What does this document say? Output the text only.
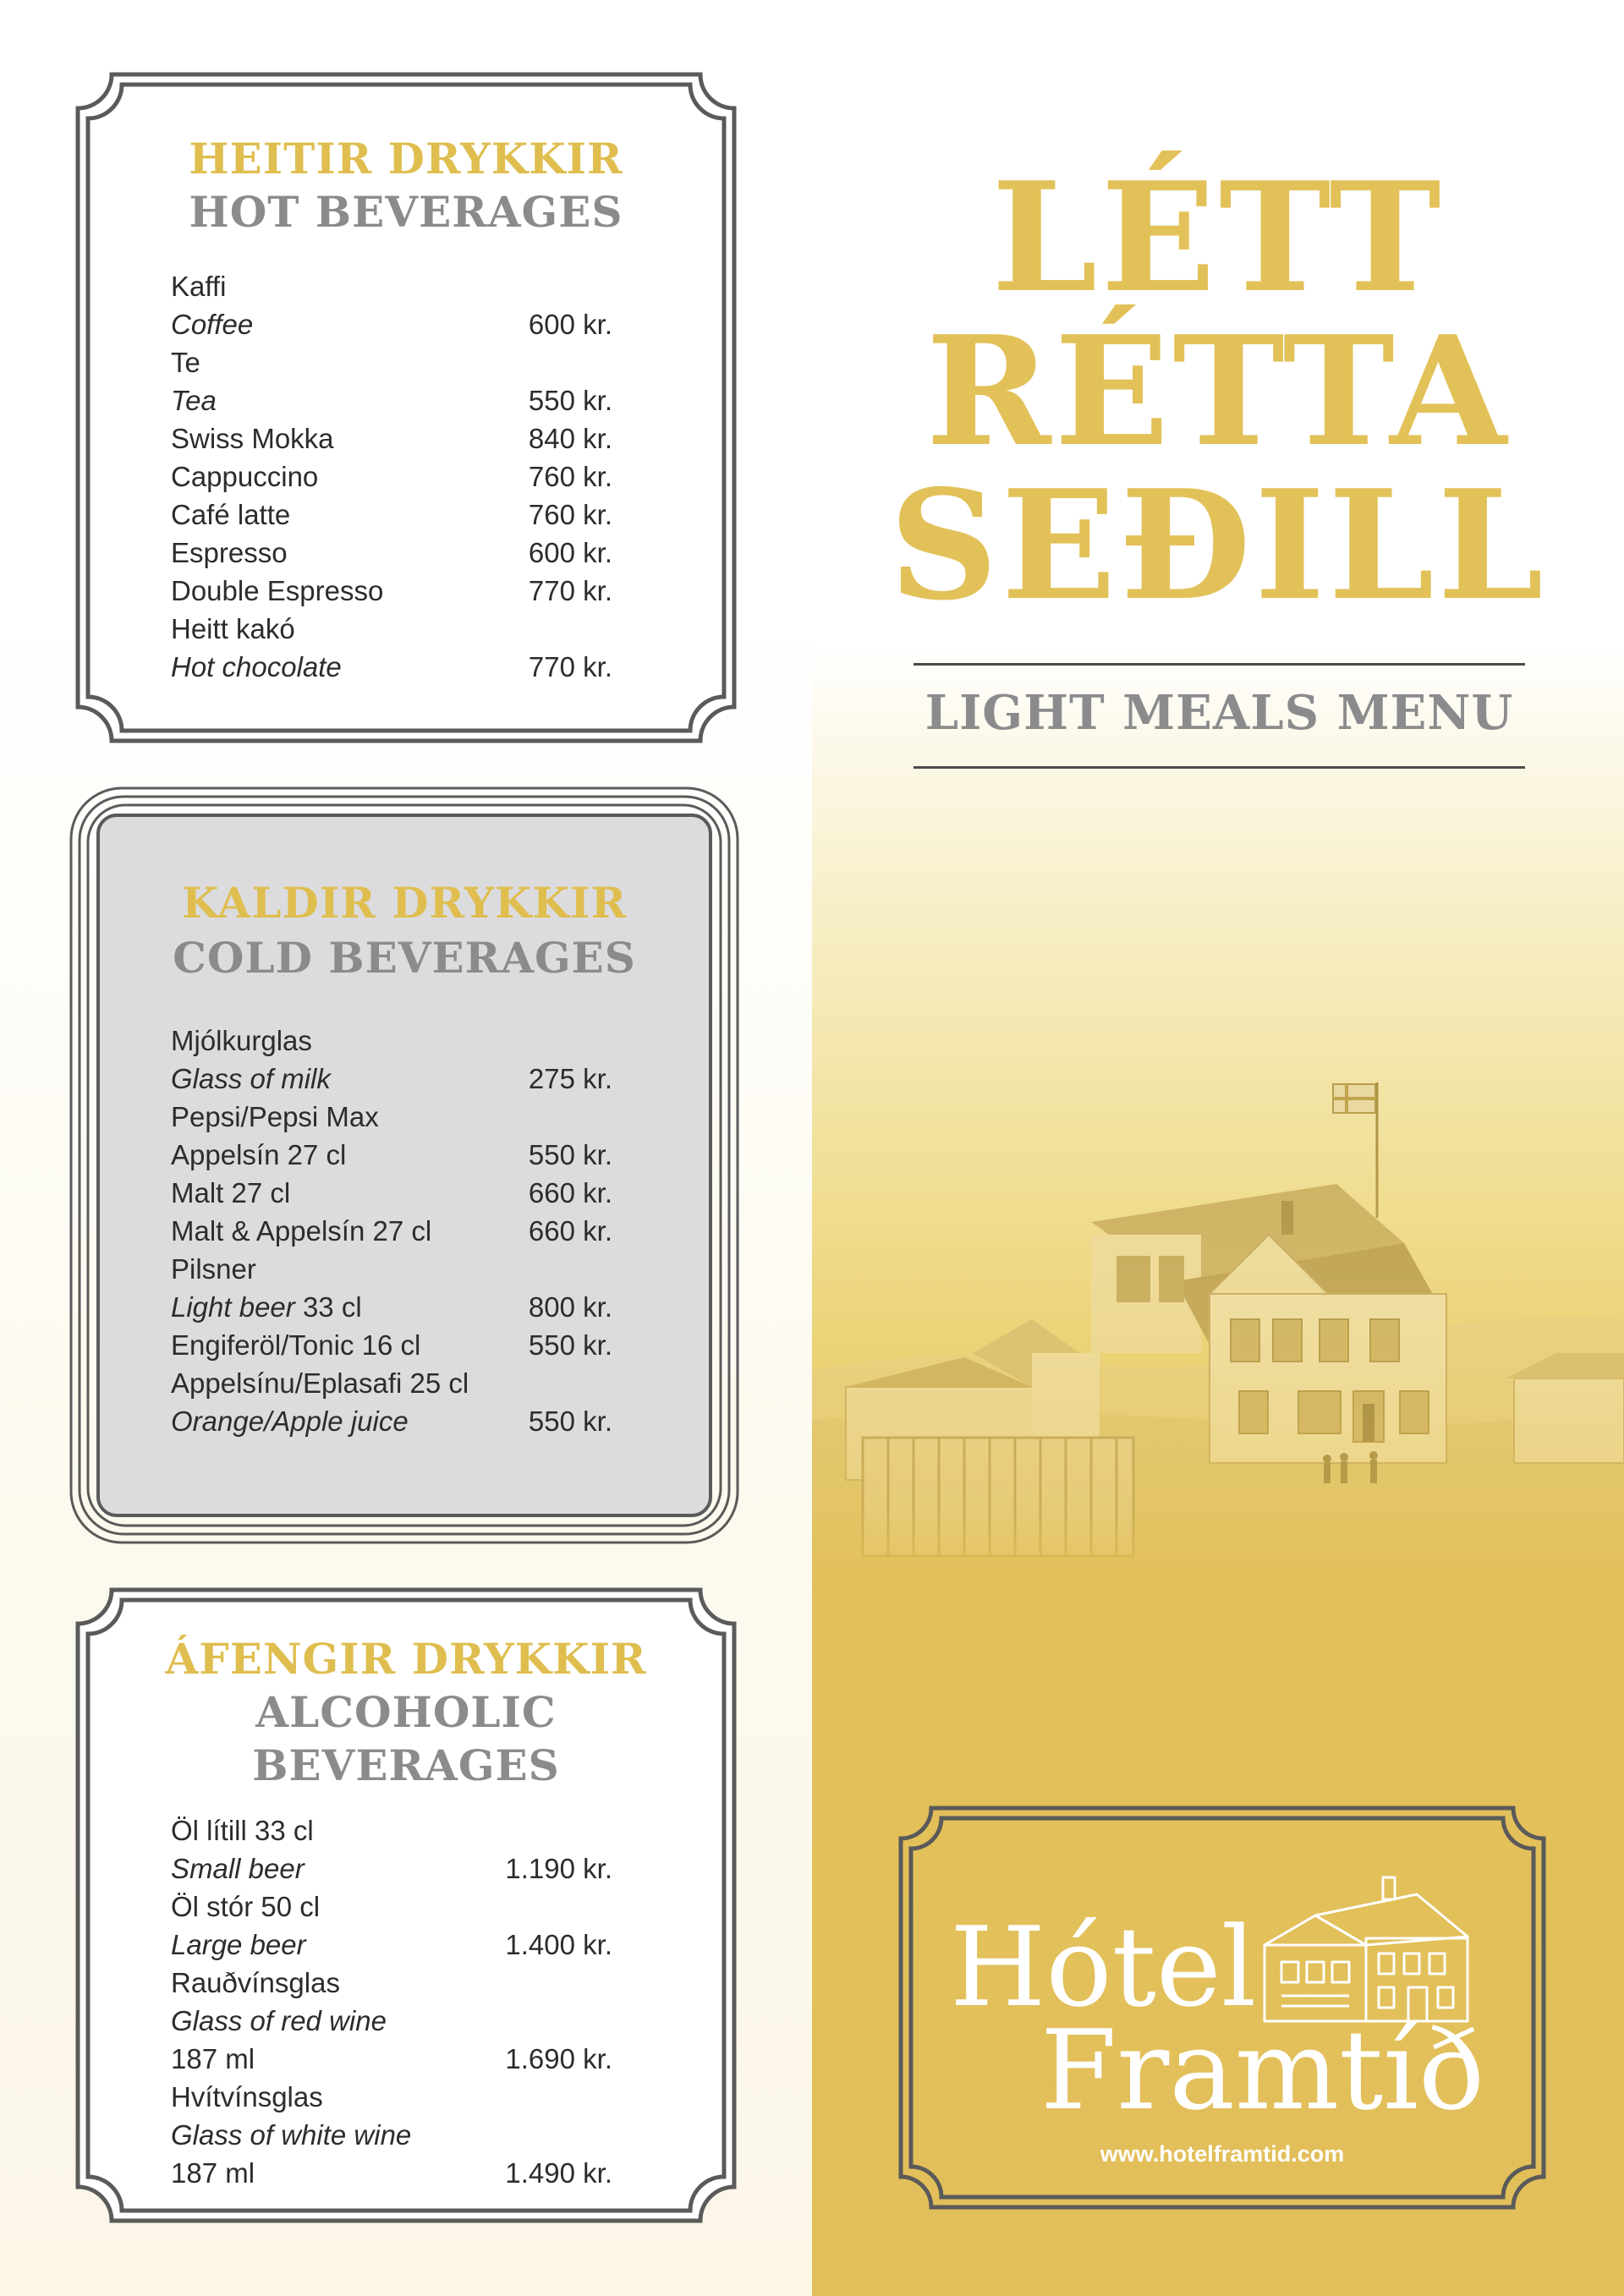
HEITIR DRYKKIR
HOT BEVERAGES
Kaffi
Coffee	600 kr.
Te
Tea	550 kr.
Swiss Mokka	840 kr.
Cappuccino	760 kr.
Café latte	760 kr.
Espresso	600 kr.
Double Espresso	770 kr.
Heitt kakó
Hot chocolate	770 kr.
KALDIR DRYKKIR
COLD BEVERAGES
Mjólkurglas
Glass of milk	275 kr.
Pepsi/Pepsi Max
Appelsín 27 cl	550 kr.
Malt 27 cl	660 kr.
Malt & Appelsín 27 cl	660 kr.
Pilsner
Light beer 33 cl	800 kr.
Engiferöl/Tonic 16 cl	550 kr.
Appelsínu/Eplasafi 25 cl
Orange/Apple juice	550 kr.
ÁFENGIR DRYKKIR
ALCOHOLIC
BEVERAGES
Öl lítill 33 cl
Small beer	1.190 kr.
Öl stór 50 cl
Large beer	1.400 kr.
Rauðvínsglas
Glass of red wine
187 ml	1.690 kr.
Hvítvínsglas
Glass of white wine
187 ml	1.490 kr.
LÉTT
RÉTTA
SEÐILL
LIGHT MEALS MENU
Hótel
Framtíð
www.hotelframtid.com
